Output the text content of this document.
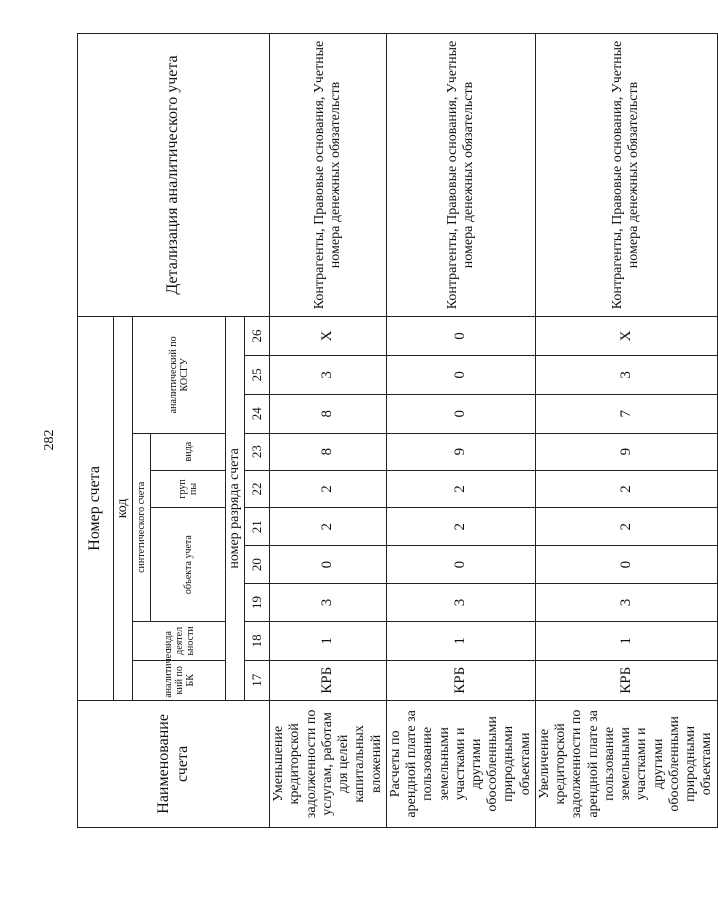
282
Наименование счета	Номер счета										Детализация аналитического учета
	код										
	аналитичес кий по БК	вида деятел ьности	синтетического счета					аналитический по КОСГУ			
			объекта учета			груп пы	вида				
	номер разряда счета										
	17	18	19	20	21	22	23	24	25	26	
Уменьшение кредиторской задолженности по услугам, работам для целей капитальных вложений	КРБ	1	3	0	2	2	8	8	3	X	Контрагенты, Правовые основания, Учетные номера денежных обязательств
Расчеты по арендной плате за пользование земельными участками и другими обособленными природными объектами	КРБ	1	3	0	2	2	9	0	0	0	Контрагенты, Правовые основания, Учетные номера денежных обязательств
Увеличение кредиторской задолженности по арендной плате за пользование земельными участками и другими обособленными природными объектами	КРБ	1	3	0	2	2	9	7	3	X	Контрагенты, Правовые основания, Учетные номера денежных обязательств
